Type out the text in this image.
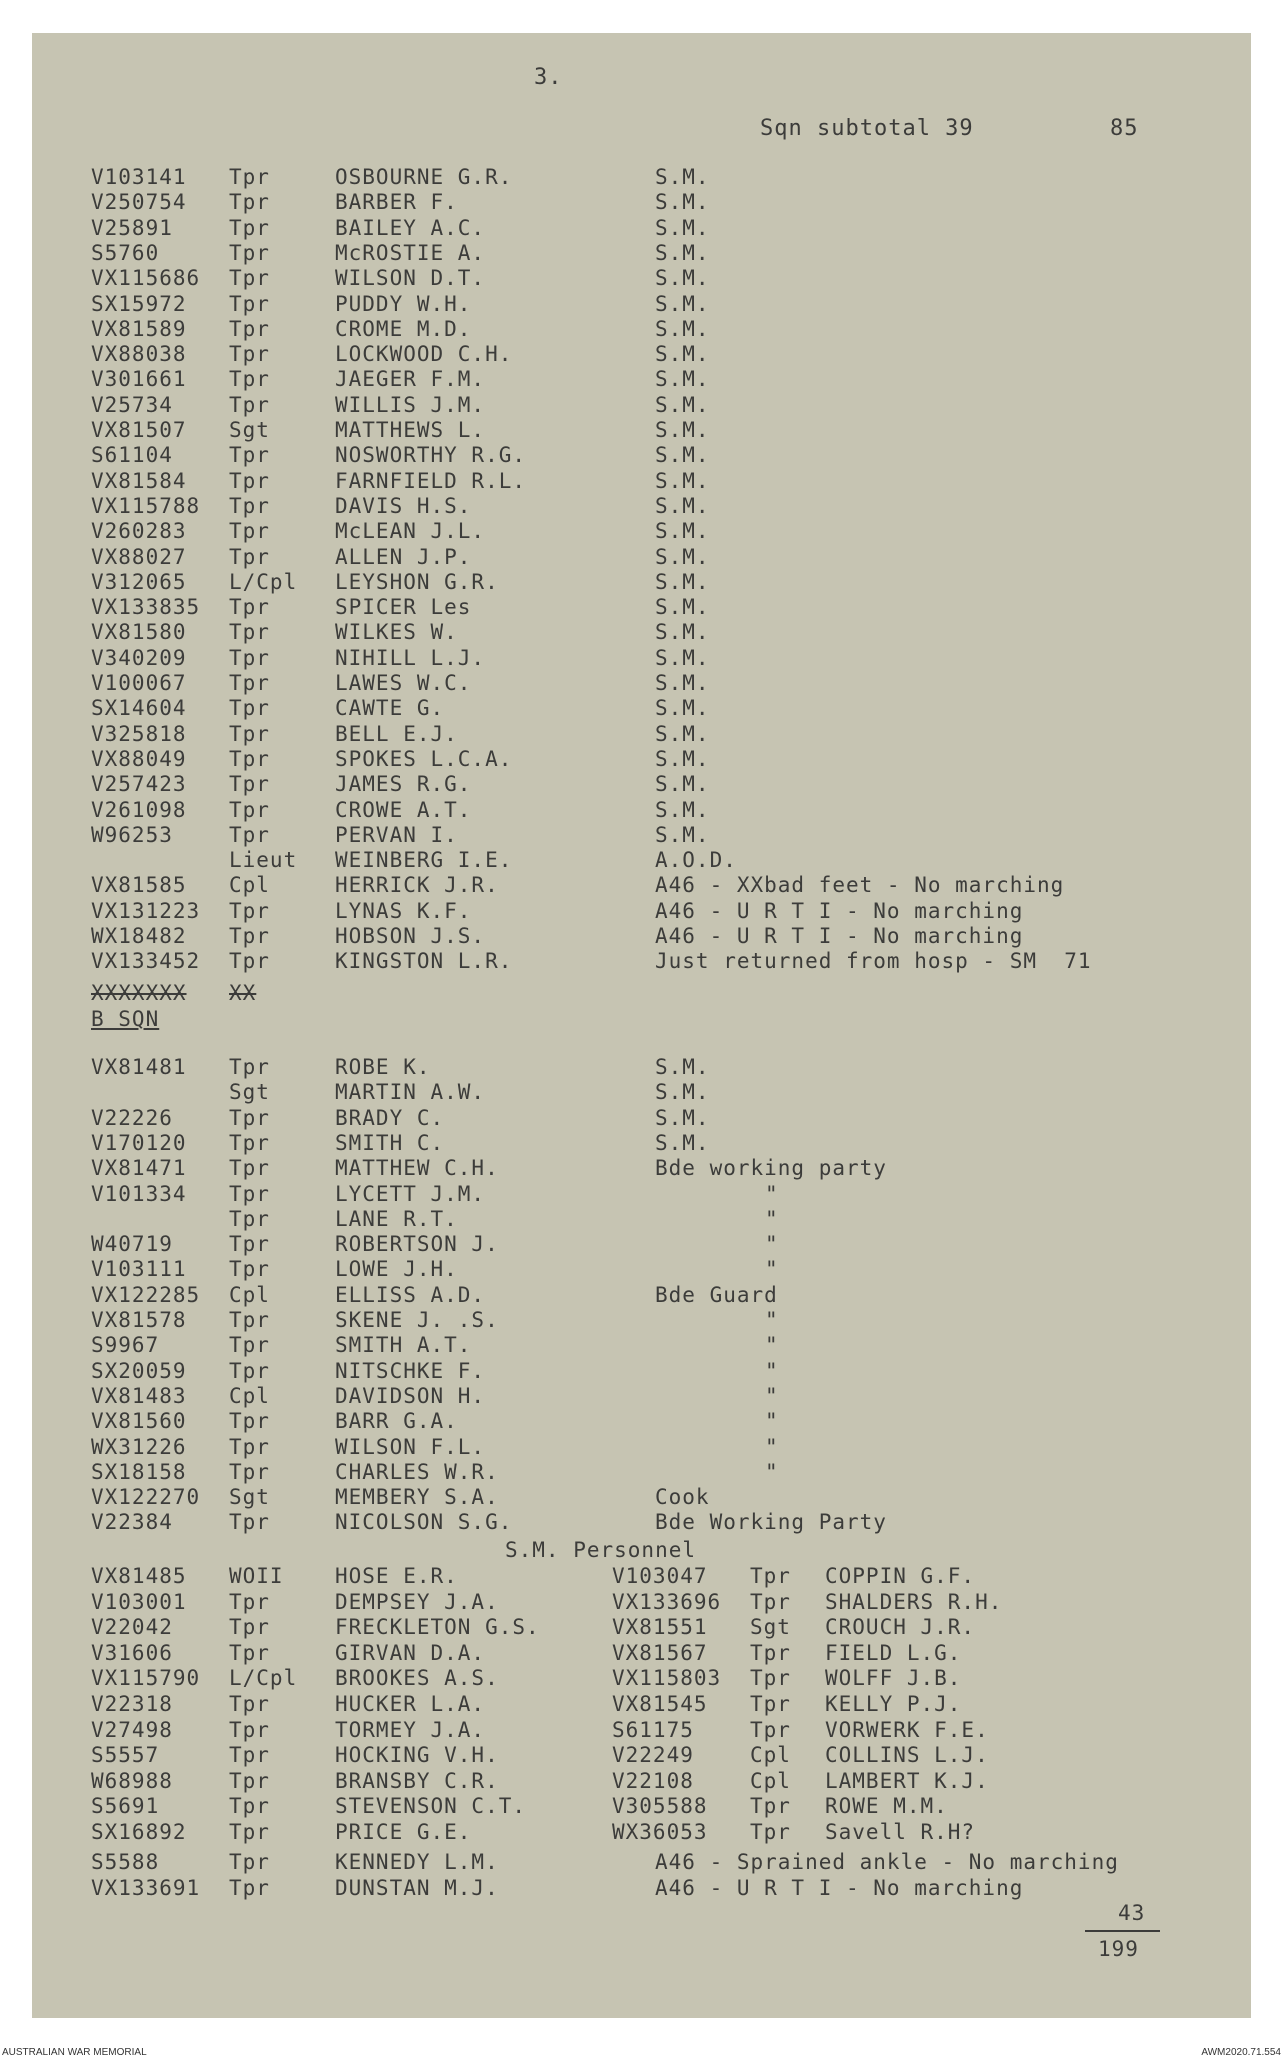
3.
Sqn subtotal 39	85
V103141 Tpr	OSBOURNE G.R.	S.M.
V250754 Tpr	BARBER F.	S.M.
V25891	Tpr	BAILEY A.C.	S.M.
S5760	Tpr	McROSTIE A.	S.M.
VX115686 Tpr	WILSON D.T.	S.M.
SX15972 Tpr	PUDDY W.H.	S.M.
VX81589 Tpr	CROME M.D.	S.M.
VX88038 Tpr	LOCKWOOD C.H.	S.M.
V301661 Tpr	JAEGER F.M.	S.M.
V25734	Tpr	WILLIS J.M.	S.M.
VX81507 Sgt	MATTHEWS L.	S.M.
S61104	Tpr	NOSWORTHY R.G.	S.M.
VX81584 Tpr	FARNFIELD R.L.	S.M.
VX115788 Tpr	DAVIS H.S.	S.M.
V260283 Tpr	McLEAN J.L.	S.M.
VX88027 Tpr	ALLEN J.P.	S.M.
V312065 L/Cpl LEYSHON G.R.	S.M.
VX133835 Tpr	SPICER Les	S.M.
VX81580 Tpr	WILKES W.	S.M.
V340209 Tpr	NIHILL L.J.	S.M.
V100067 Tpr	LAWES W.C.	S.M.
SX14604 Tpr	CAWTE G.	S.M.
V325818 Tpr	BELL E.J.	S.M.
VX88049 Tpr	SPOKES L.C.A.	S.M.
V257423 Tpr	JAMES R.G.	S.M.
V261098 Tpr	CROWE A.T.	S.M.
W96253	Tpr	PERVAN I.	S.M.
Lieut WEINBERG I.E.	A.O.D.
VX81585 Cpl	HERRICK J.R.	A46 - XXbad feet - No marching
VX131223 Tpr	LYNAS K.F.	A46 - U R T I - No marching
WX18482 Tpr	HOBSON J.S.	A46 - U R T I - No marching
VX133452 Tpr	KINGSTON L.R.	Just returned from hosp - SM  71
XXXXXXX XX
B SQN
VX81481 Tpr	ROBE K.	S.M.
Sgt	MARTIN A.W.	S.M.
V22226	Tpr	BRADY C.	S.M.
V170120 Tpr	SMITH C.	S.M.
VX81471 Tpr	MATTHEW C.H.	Bde working party
V101334 Tpr	LYCETT J.M.	"
Tpr	LANE R.T.	"
W40719	Tpr	ROBERTSON J.	"
V103111 Tpr	LOWE J.H.	"
VX122285 Cpl	ELLISS A.D.	Bde Guard
VX81578 Tpr	SKENE J. .S.	"
S9967	Tpr	SMITH A.T.	"
SX20059 Tpr	NITSCHKE F.	"
VX81483 Cpl	DAVIDSON H.	"
VX81560 Tpr	BARR G.A.	"
WX31226 Tpr	WILSON F.L.	"
SX18158 Tpr	CHARLES W.R.	"
VX122270 Sgt	MEMBERY S.A.	Cook
V22384	Tpr	NICOLSON S.G.	Bde Working Party
S.M. Personnel
VX81485 WOII HOSE E.R.	V103047 Tpr COPPIN G.F.
V103001 Tpr	DEMPSEY J.A.	VX133696 Tpr SHALDERS R.H.
V22042	Tpr	FRECKLETON G.S.	VX81551 Sgt CROUCH J.R.
V31606	Tpr	GIRVAN D.A.	VX81567 Tpr FIELD L.G.
VX115790 L/Cpl BROOKES A.S.	VX115803 Tpr WOLFF J.B.
V22318	Tpr	HUCKER L.A.	VX81545 Tpr KELLY P.J.
V27498	Tpr	TORMEY J.A.	S61175	Tpr VORWERK F.E.
S5557	Tpr	HOCKING V.H.	V22249	Cpl COLLINS L.J.
W68988	Tpr	BRANSBY C.R.	V22108	Cpl LAMBERT K.J.
S5691	Tpr	STEVENSON C.T.	V305588 Tpr ROWE M.M.
SX16892 Tpr	PRICE G.E.	WX36053 Tpr Savell R.H?
S5588	Tpr	KENNEDY L.M.	A46 - Sprained ankle - No marching
VX133691 Tpr	DUNSTAN M.J.	A46 - U R T I - No marching
43
199
AUSTRALIAN WAR MEMORIAL	AWM2020.71.554
